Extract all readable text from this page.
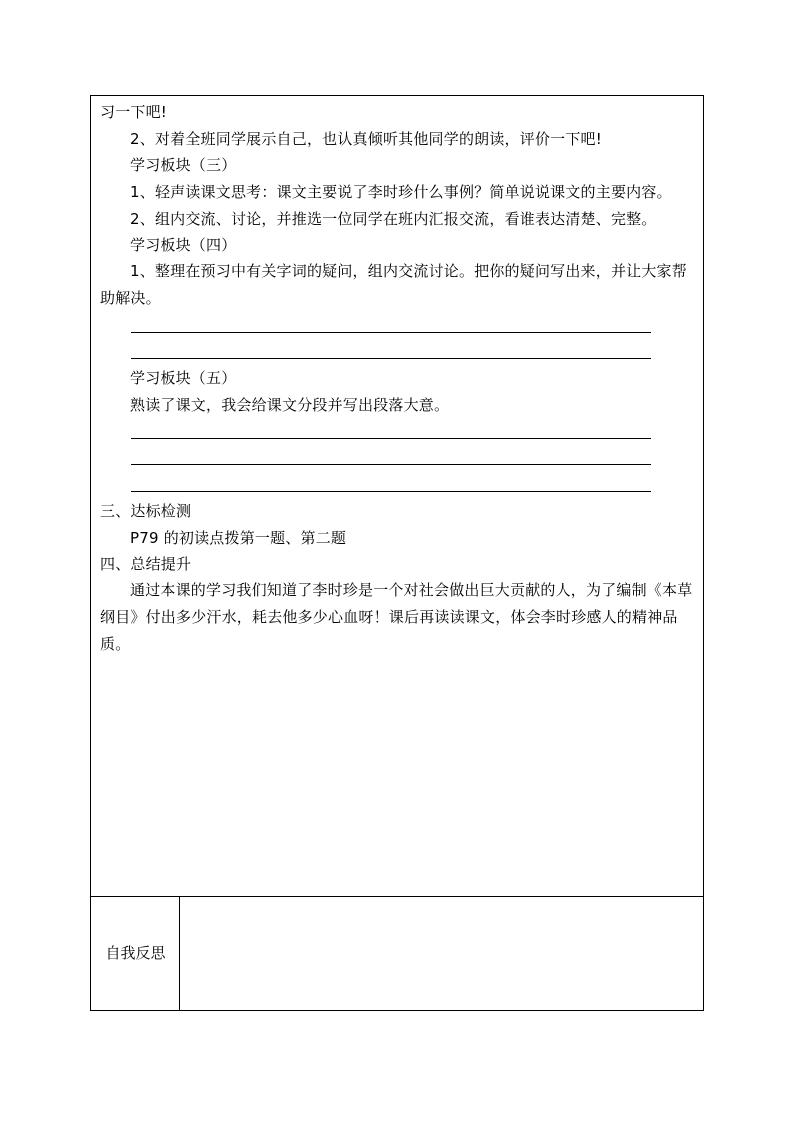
习一下吧!
2、对着全班同学展示自己，也认真倾听其他同学的朗读，评价一下吧!
学习板块（三）
1、轻声读课文思考：课文主要说了李时珍什么事例？简单说说课文的主要内容。
2、组内交流、讨论，并推选一位同学在班内汇报交流，看谁表达清楚、完整。
学习板块（四）
1、整理在预习中有关字词的疑问，组内交流讨论。把你的疑问写出来，并让大家帮助解决。
学习板块（五）
熟读了课文，我会给课文分段并写出段落大意。
三、达标检测
P79 的初读点拨第一题、第二题
四、总结提升
通过本课的学习我们知道了李时珍是一个对社会做出巨大贡献的人，为了编制《本草纲目》付出多少汗水，耗去他多少心血呀！课后再读读课文，体会李时珍感人的精神品质。
自我反思
